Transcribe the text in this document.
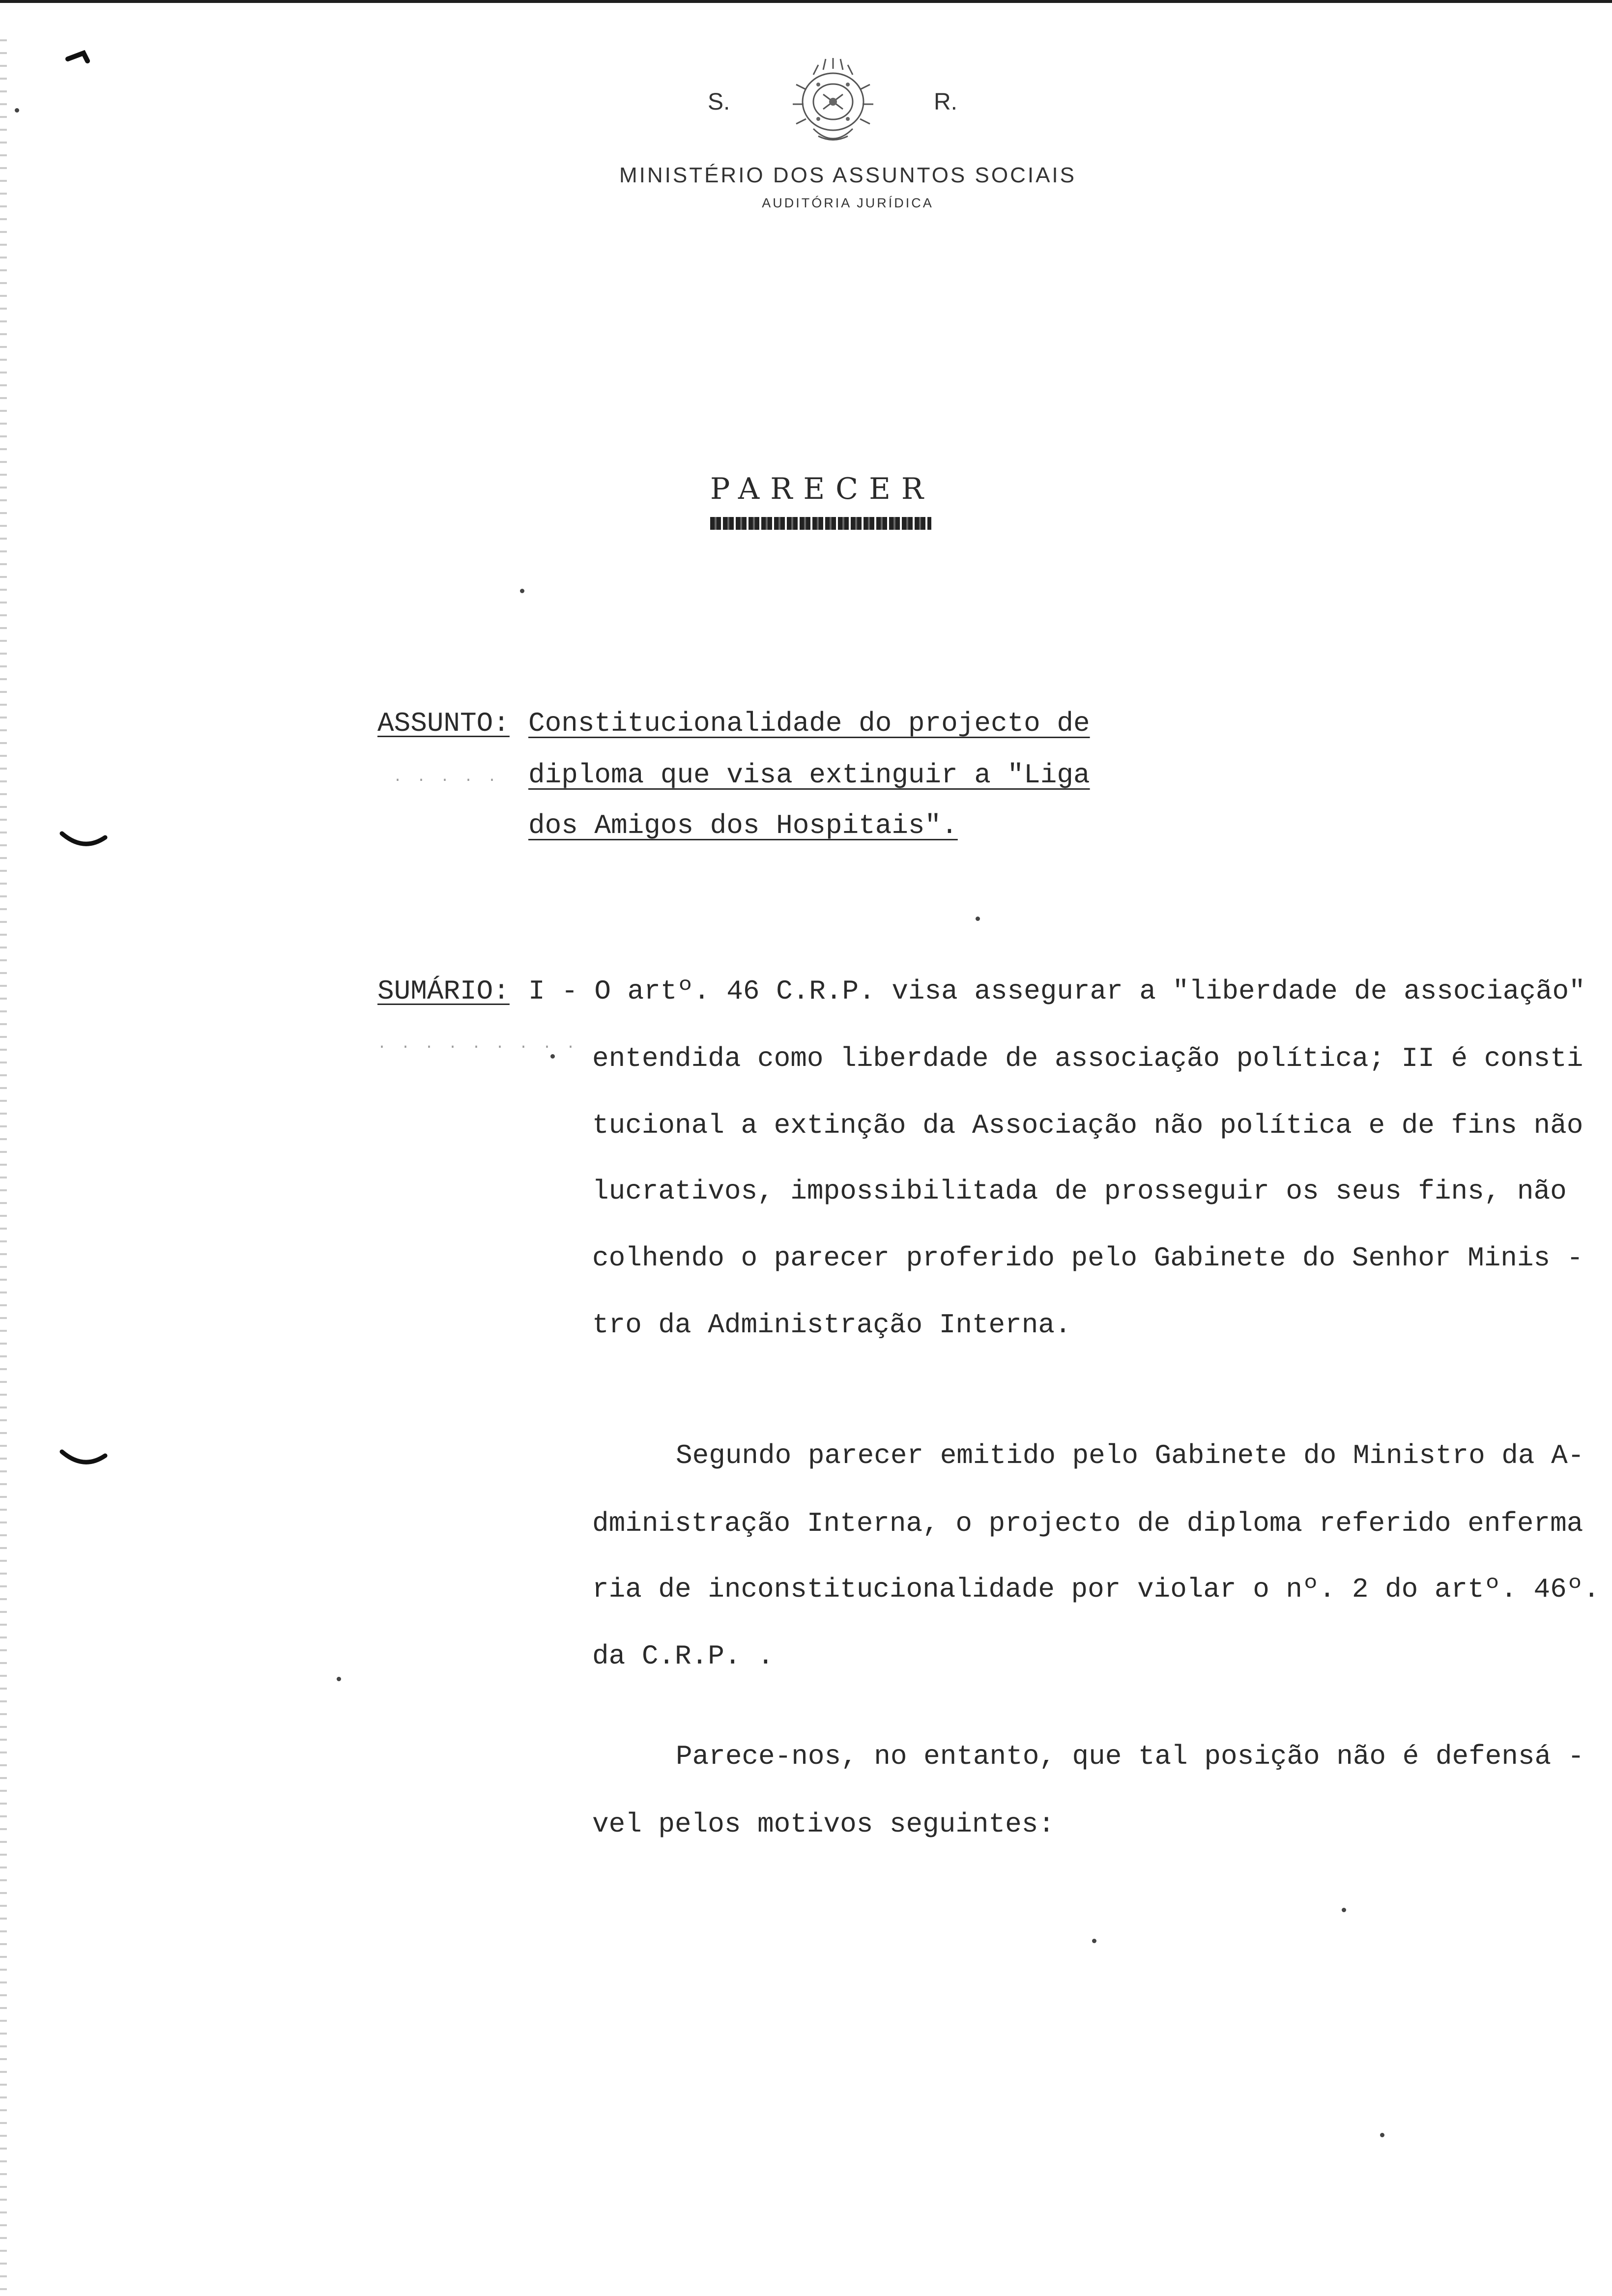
S.	R.
MINISTÉRIO DOS ASSUNTOS SOCIAIS
AUDITÓRIA JURÍDICA
PARECER
ASSUNTO: Constitucionalidade do projecto de
diploma que visa extinguir a "Liga
dos Amigos dos Hospitais".
. . . . .
SUMÁRIO: I - O artº. 46 C.R.P. visa assegurar a "liberdade de associação"
entendida como liberdade de associação política; II é consti
tucional a extinção da Associação não política e de fins não
lucrativos, impossibilitada de prosseguir os seus fins, não
colhendo o parecer proferido pelo Gabinete do Senhor Minis -
tro da Administração Interna.
. . . . . . . . .
Segundo parecer emitido pelo Gabinete do Ministro da A-
dministração Interna, o projecto de diploma referido enferma
ria de inconstitucionalidade por violar o nº. 2 do artº. 46º.
da C.R.P. .
Parece-nos, no entanto, que tal posição não é defensá -
vel pelos motivos seguintes:
